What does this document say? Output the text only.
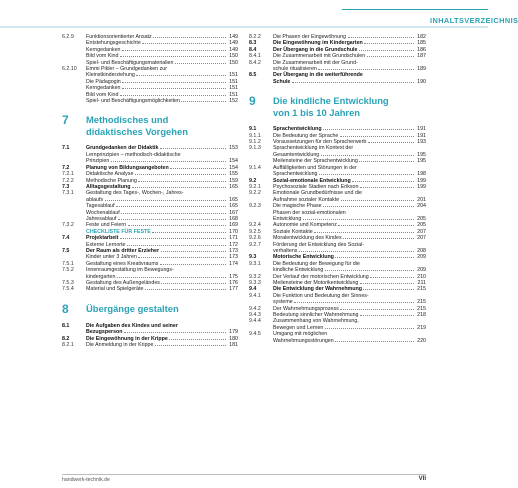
INHALTSVERZEICHNIS
6.2.9	Funktionsorientierter Ansatz	149
Entstehungsgeschichte	149
Kerngedanken	149
Bild vom Kind	150
Spiel- und Beschäftigungsmaterialien	150
6.2.10	Emmi Pikler – Grundgedanken zur
Kleinstkinderziehung	151
Die Pädagogin	151
Kerngedanken	151
Bild vom Kind	151
Spiel- und Beschäftigungsmöglichkeiten	152
7	Methodisches und
didaktisches Vorgehen
7.1	Grundgedanken der Didaktik	153
Lernprinzipien – methodisch-didaktische
Prinzipien	154
7.2	Planung von Bildungsangeboten	154
7.2.1	Didaktische Analyse	155
7.2.2	Methodische Planung	159
7.3	Alltagsgestaltung	165
7.3.1	Gestaltung des Tages-, Wochen-, Jahres-
ablaufs	165
Tagesablauf	165
Wochenablauf	167
Jahresablauf	168
7.3.2	Feste und Feiern	169
CHECKLISTE FÜR FESTE	170
7.4	Projektarbeit	171
Externe Lernorte	172
7.5	Der Raum als dritter Erzieher	173
Kinder unter 3 Jahren	173
7.5.1	Gestaltung eines Kreativraums	174
7.5.2	Innenraumgestaltung im Bewegungs-
kindergarten	175
7.5.3	Gestaltung des Außengeländes	176
7.5.4	Material und Spielgeräte	177
8	Übergänge gestalten
8.1	Die Aufgaben des Kindes und seiner
Bezugsperson	179
8.2	Die Eingewöhnung in der Krippe	180
8.2.1	Die Anmeldung in der Krippe	181
8.2.2	Die Phasen der Eingewöhnung	182
8.3	Die Eingewöhnung im Kindergarten	185
8.4	Der Übergang in die Grundschule	186
8.4.1	Die Zusammenarbeit mit Grundschulen	187
8.4.2	Die Zusammenarbeit mit der Grund-
schule ritualisieren	189
8.5	Der Übergang in die weiterführende
Schule	190
9	Die kindliche Entwicklung
von 1 bis 10 Jahren
9.1	Sprachentwicklung	191
9.1.1	Die Bedeutung der Sprache	191
9.1.2	Voraussetzungen für den Spracherwerb	193
9.1.3	Sprachentwicklung im Kontext der
Gesamtentwicklung	195
Meilensteine der Sprachentwicklung	195
9.1.4	Auffälligkeiten und Störungen in der
Sprachentwicklung	198
9.2	Sozial-emotionale Entwicklung	199
9.2.1	Psychosoziale Stadien nach Erikson	199
9.2.2	Emotionale Grundbedürfnisse und die
Aufnahme sozialer Kontakte	201
9.2.3	Die magische Phase	204
Phasen der sozial-emotionalen
Entwicklung	205
9.2.4	Autonomie und Kompetenz	205
9.2.5	Soziale Kontakte	207
9.2.6	Moralentwicklung des Kindes	207
9.2.7	Förderung der Entwicklung des Sozial-
verhaltens	208
9.3	Motorische Entwicklung	209
9.3.1	Die Bedeutung der Bewegung für die
kindliche Entwicklung	209
9.3.2	Der Verlauf der motorischen Entwicklung	210
9.3.3	Meilensteine der Motorikentwicklung	211
9.4	Die Entwicklung der Wahrnehmung	215
9.4.1	Die Funktion und Bedeutung der Sinnes-
systeme	215
9.4.2	Der Wahrnehmungsprozess	215
9.4.3	Bedeutung sinnlicher Wahrnehmung	218
9.4.4	Zusammenhang von Wahrnehmung,
Bewegen und Lernen	219
9.4.5	Umgang mit möglichen
Wahrnehmungsstörungen	220
handwerk-technik.de	VII
